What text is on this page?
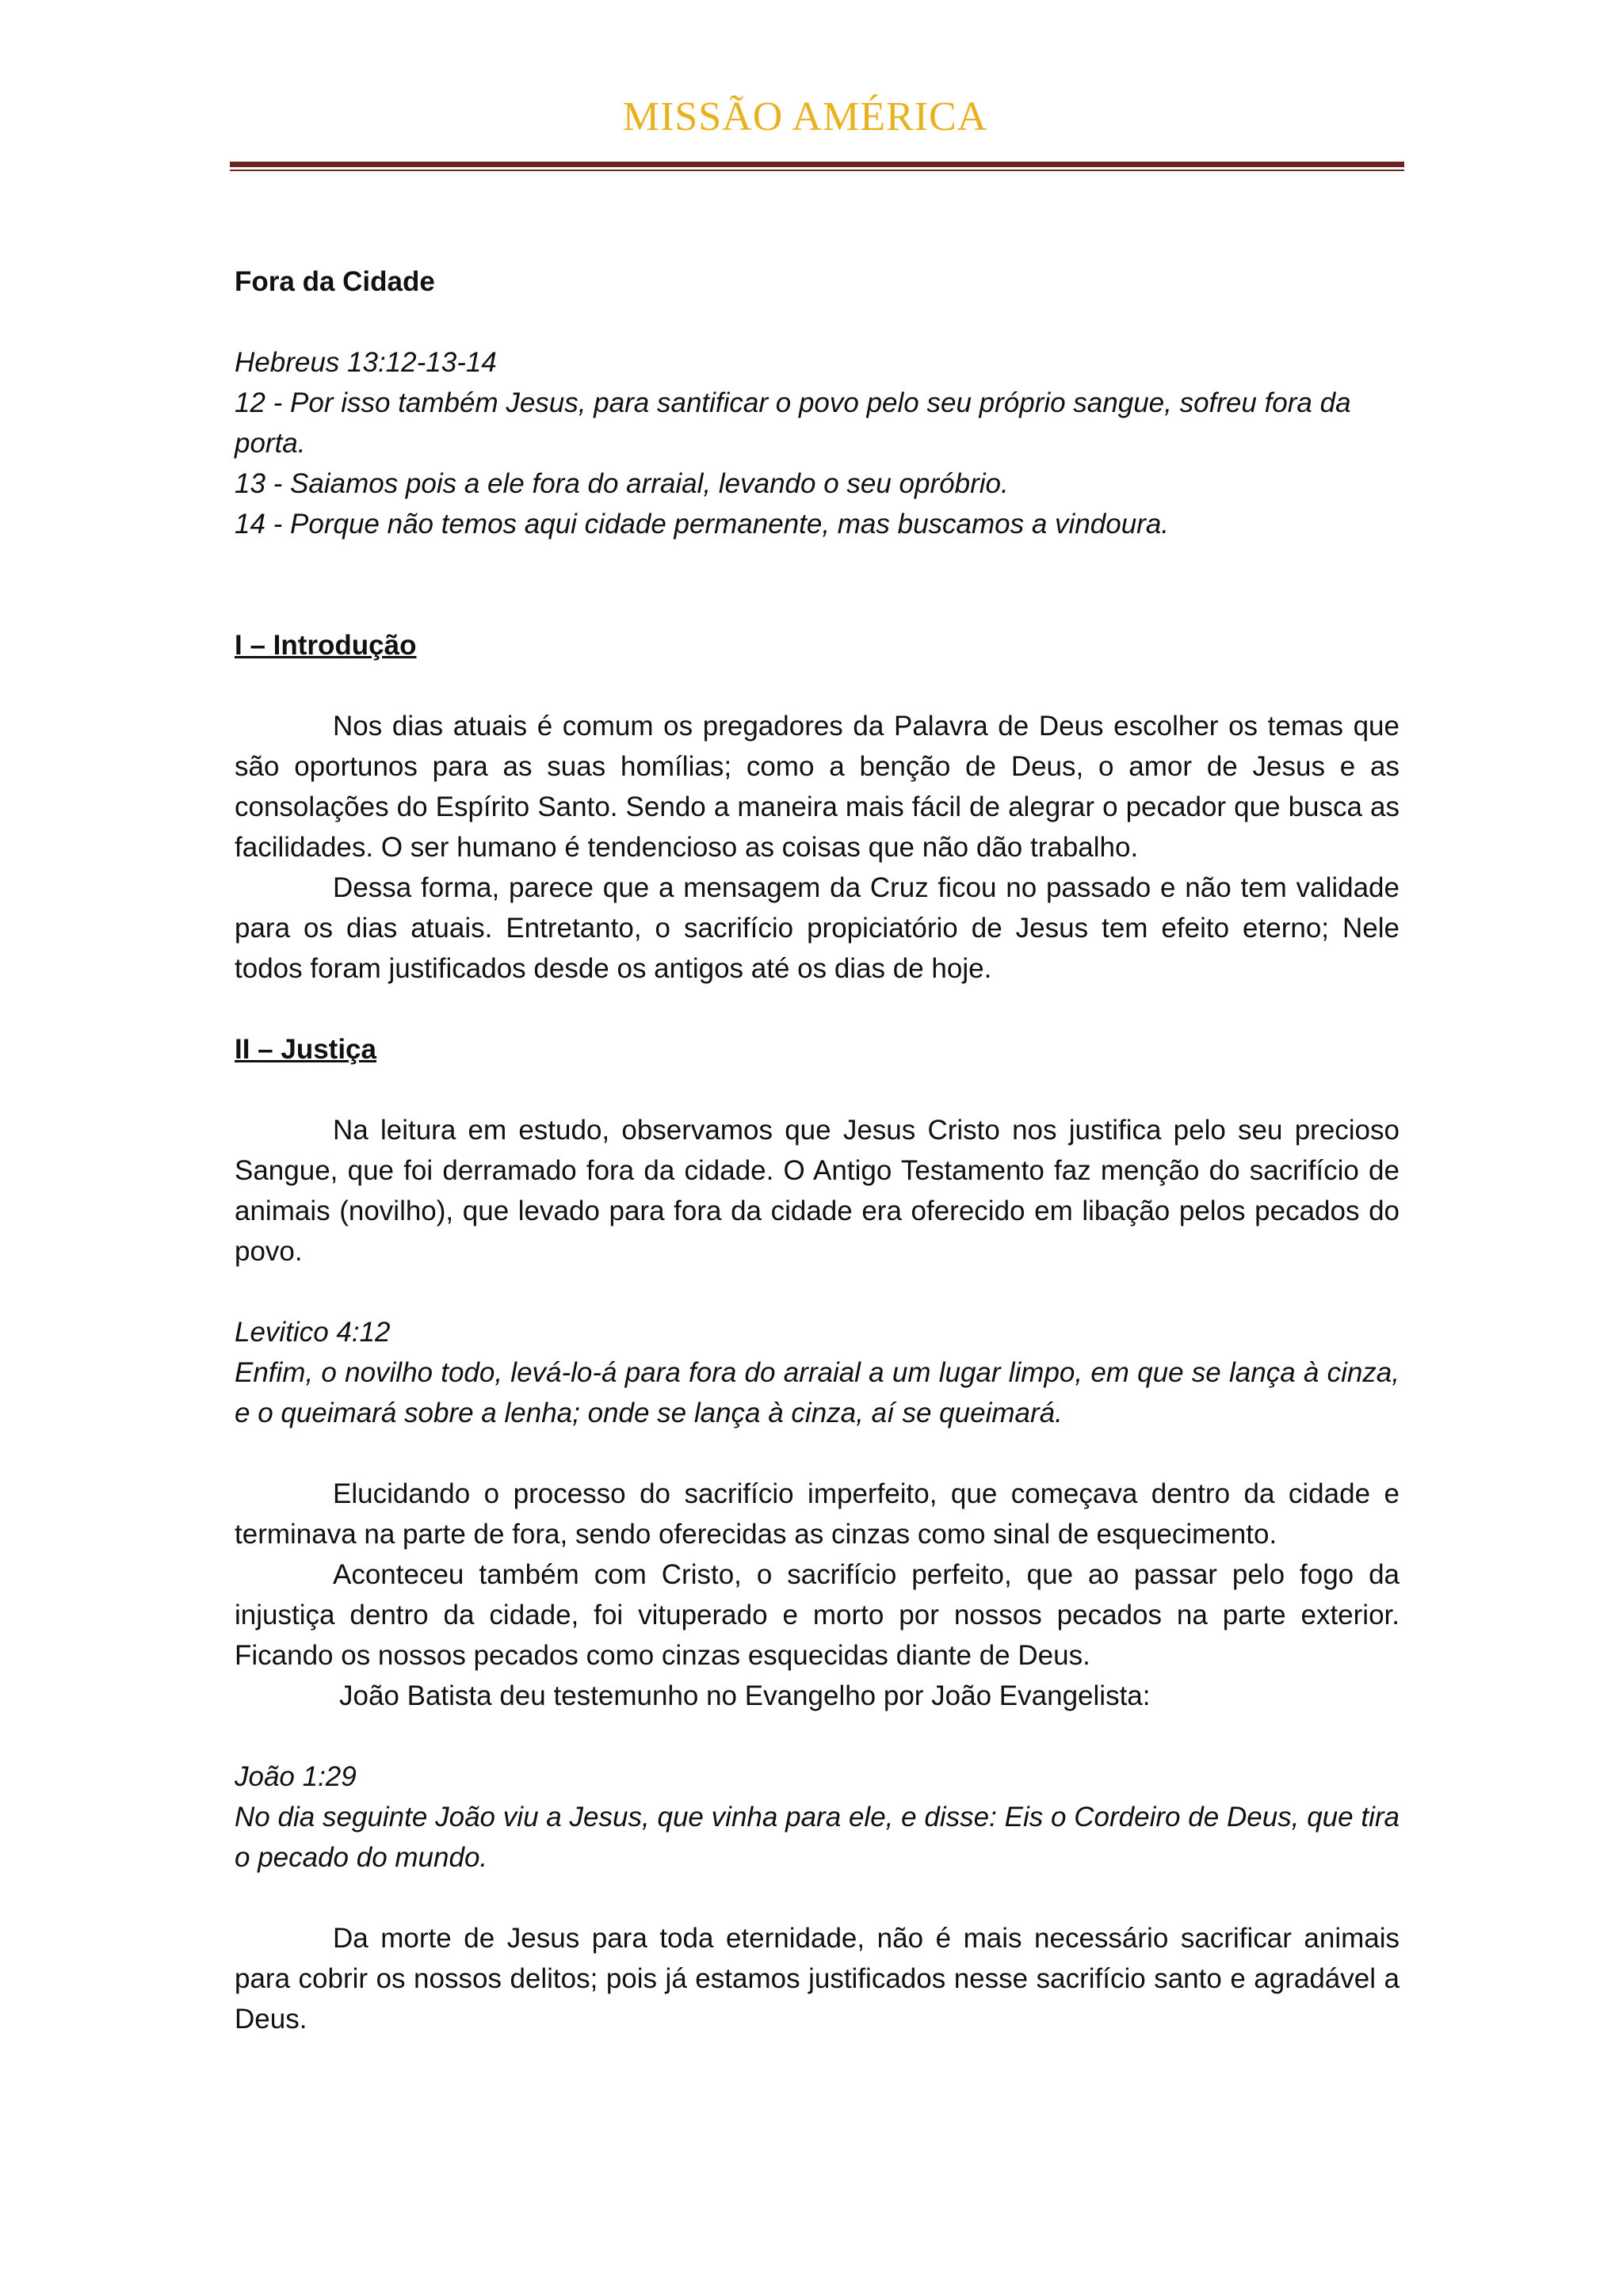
MISSÃO AMÉRICA

Fora da Cidade

Hebreus 13:12-13-14

12 - Por isso também Jesus, para santificar o povo pelo seu próprio sangue, sofreu fora da porta.

13 - Saiamos pois a ele fora do arraial, levando o seu opróbrio.

14 - Porque não temos aqui cidade permanente, mas buscamos a vindoura.

I – Introdução

Nos dias atuais é comum os pregadores da Palavra de Deus escolher os temas que são oportunos para as suas homílias; como a benção de Deus, o amor de Jesus e as consolações do Espírito Santo. Sendo a maneira mais fácil de alegrar o pecador que busca as facilidades. O ser humano é tendencioso as coisas que não dão trabalho.

Dessa forma, parece que a mensagem da Cruz ficou no passado e não tem validade para os dias atuais. Entretanto, o sacrifício propiciatório de Jesus tem efeito eterno; Nele todos foram justificados desde os antigos até os dias de hoje.

II – Justiça

Na leitura em estudo, observamos que Jesus Cristo nos justifica pelo seu precioso Sangue, que foi derramado fora da cidade. O Antigo Testamento faz menção do sacrifício de animais (novilho), que levado para fora da cidade era oferecido em libação pelos pecados do povo.

Levitico 4:12

Enfim, o novilho todo, levá-lo-á para fora do arraial a um lugar limpo, em que se lança à cinza, e o queimará sobre a lenha; onde se lança à cinza, aí se queimará.

Elucidando o processo do sacrifício imperfeito, que começava dentro da cidade e terminava na parte de fora, sendo oferecidas as cinzas como sinal de esquecimento.

Aconteceu também com Cristo, o sacrifício perfeito, que ao passar pelo fogo da injustiça dentro da cidade, foi vituperado e morto por nossos pecados na parte exterior. Ficando os nossos pecados como cinzas esquecidas diante de Deus.

João Batista deu testemunho no Evangelho por João Evangelista:

João 1:29

No dia seguinte João viu a Jesus, que vinha para ele, e disse: Eis o Cordeiro de Deus, que tira o pecado do mundo.

Da morte de Jesus para toda eternidade, não é mais necessário sacrificar animais para cobrir os nossos delitos; pois já estamos justificados nesse sacrifício santo e agradável a Deus.
